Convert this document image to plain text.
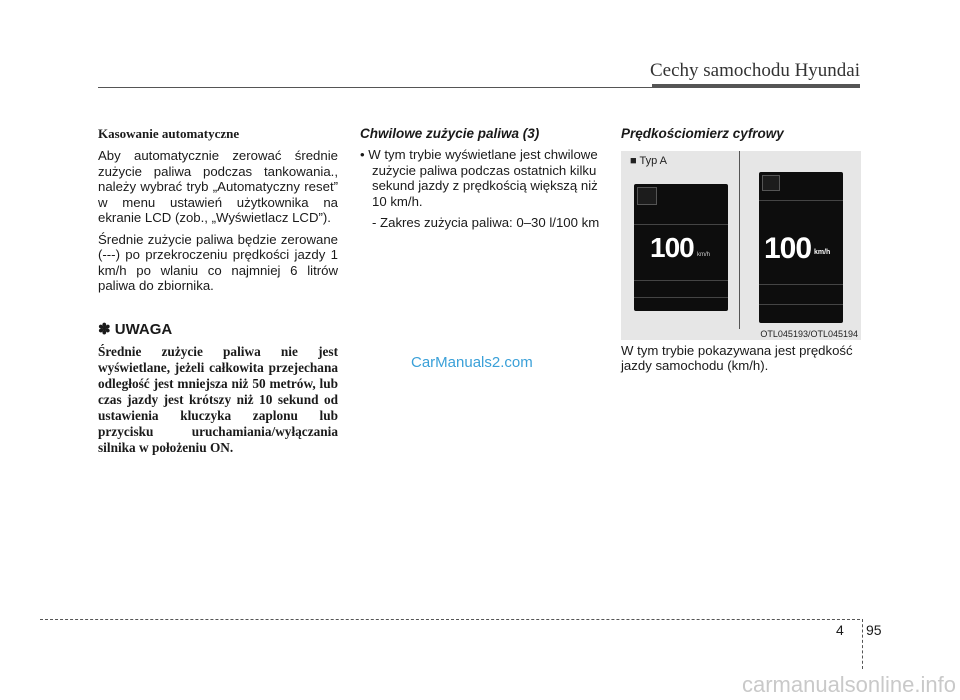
Cechy samochodu Hyundai

Kasowanie automatyczne

Aby automatycznie zerować średnie zużycie paliwa podczas tankowania., należy wybrać tryb „Automatyczny reset” w menu ustawień użytkownika na ekranie LCD (zob., „Wyświetlacz LCD”).

Średnie zużycie paliwa będzie zerowane (---) po przekroczeniu prędkości jazdy 1 km/h po wlaniu co najmniej 6 litrów paliwa do zbiornika.

✽ UWAGA

Średnie zużycie paliwa nie jest wyświetlane, jeżeli całkowita przejechana odległość jest mniejsza niż 50 metrów, lub czas jazdy jest krótszy niż 10 sekund od ustawienia kluczyka zaplonu lub przycisku uruchamiania/wyłączania silnika w położeniu ON.

Chwilowe zużycie paliwa (3)

• W tym trybie wyświetlane jest chwilowe zużycie paliwa podczas ostatnich kilku sekund jazdy z prędkością większą niż 10 km/h.

- Zakres zużycia paliwa: 0–30 l/100 km

Prędkościomierz cyfrowy

■ Typ A
100 km/h 100 km/h
OTL045193/OTL045194
W tym trybie pokazywana jest prędkość jazdy samochodu (km/h).
CarManuals2.com
4 95
carmanualsonline.info
